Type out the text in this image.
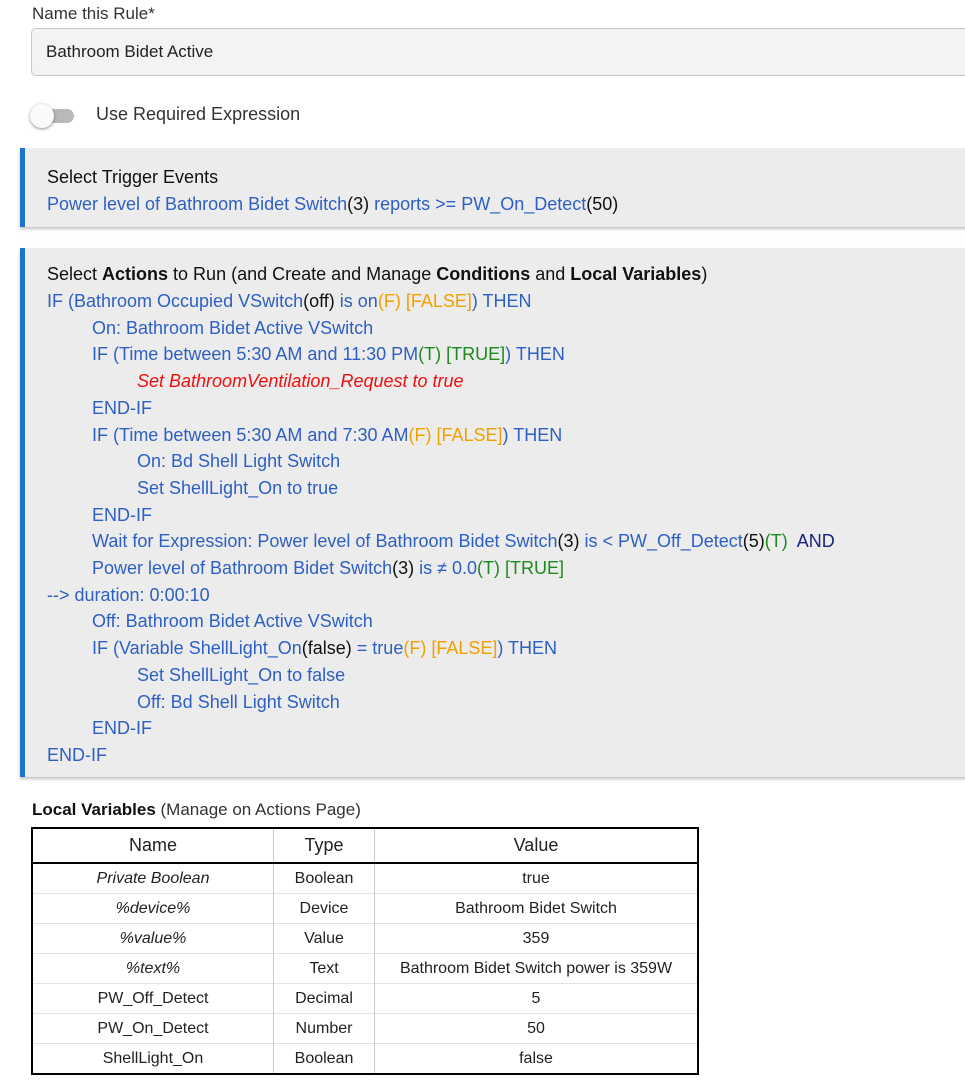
Name this Rule*
Bathroom Bidet Active
Use Required Expression
Select Trigger Events
Power level of Bathroom Bidet Switch(3) reports >= PW_On_Detect(50)
Select Actions to Run (and Create and Manage Conditions and Local Variables)
IF (Bathroom Occupied VSwitch(off) is on(F) [FALSE]) THEN
On: Bathroom Bidet Active VSwitch
IF (Time between 5:30 AM and 11:30 PM(T) [TRUE]) THEN
Set BathroomVentilation_Request to true
END-IF
IF (Time between 5:30 AM and 7:30 AM(F) [FALSE]) THEN
On: Bd Shell Light Switch
Set ShellLight_On to true
END-IF
Wait for Expression: Power level of Bathroom Bidet Switch(3) is < PW_Off_Detect(5)(T)  AND
Power level of Bathroom Bidet Switch(3) is ≠ 0.0(T) [TRUE]
--> duration: 0:00:10
Off: Bathroom Bidet Active VSwitch
IF (Variable ShellLight_On(false) = true(F) [FALSE]) THEN
Set ShellLight_On to false
Off: Bd Shell Light Switch
END-IF
END-IF
Local Variables (Manage on Actions Page)
Name	Type	Value
Private Boolean	Boolean	true
%device%	Device	Bathroom Bidet Switch
%value%	Value	359
%text%	Text	Bathroom Bidet Switch power is 359W
PW_Off_Detect	Decimal	5
PW_On_Detect	Number	50
ShellLight_On	Boolean	false
